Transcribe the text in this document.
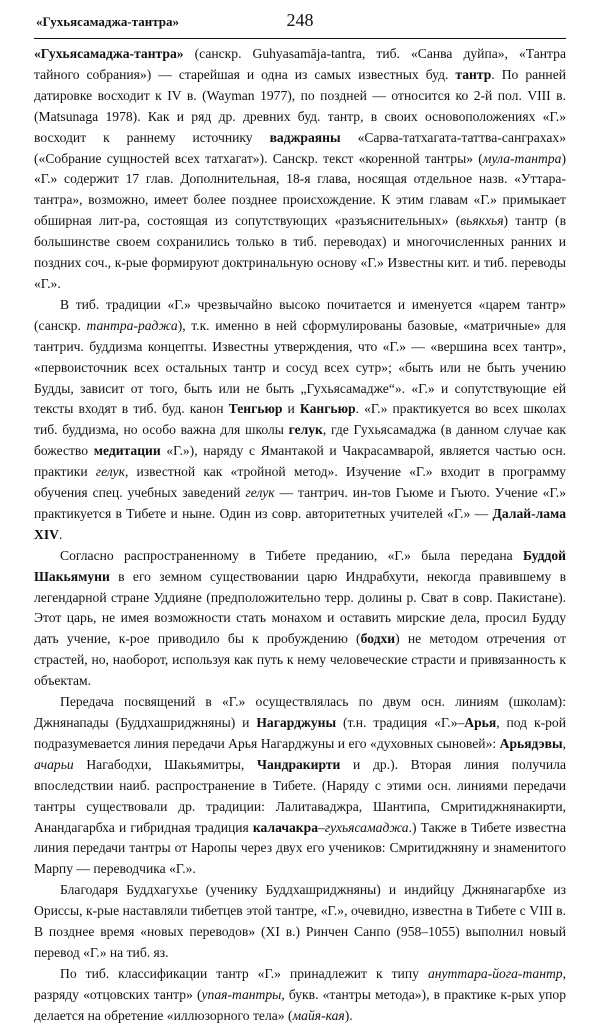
«Гухьясамаджа-тантра»	248

«Гухьясамаджа-тантра» (санскр. Guhyasamāja-tantra, тиб. «Санва дуйпа», «Тантра тайного собрания») — старейшая и одна из самых известных буд. тантр. По ранней датировке восходит к IV в. (Wayman 1977), по поздней — относится ко 2-й пол. VIII в. (Matsunaga 1978). Как и ряд др. древних буд. тантр, в своих основоположениях «Г.» восходит к раннему источнику ваджраяны «Сарва-татхагата-таттва-санграхах» («Собрание сущностей всех татхагат»). Санскр. текст «коренной тантры» (мула-тантра) «Г.» содержит 17 глав. Дополнительная, 18-я глава, носящая отдельное назв. «Уттара-тантра», возможно, имеет более позднее происхождение. К этим главам «Г.» примыкает обширная лит-ра, состоящая из сопутствующих «разъяснительных» (вьякхья) тантр (в большинстве своем сохранились только в тиб. переводах) и многочисленных ранних и поздних соч., к-рые формируют доктринальную основу «Г.» Известны кит. и тиб. переводы «Г.».

В тиб. традиции «Г.» чрезвычайно высоко почитается и именуется «царем тантр» (санскр. тантра-раджа), т.к. именно в ней сформулированы базовые, «матричные» для тантрич. буддизма концепты. Известны утверждения, что «Г.» — «вершина всех тантр», «первоисточник всех остальных тантр и сосуд всех сутр»; «быть или не быть учению Будды, зависит от того, быть или не быть „Гухьясамадже“». «Г.» и сопутствующие ей тексты входят в тиб. буд. канон Тенгьюр и Кангьюр. «Г.» практикуется во всех школах тиб. буддизма, но особо важна для школы гелук, где Гухьясамаджа (в данном случае как божество медитации «Г.»), наряду с Ямантакой и Чакрасамварой, является частью осн. практики гелук, известной как «тройной метод». Изучение «Г.» входит в программу обучения спец. учебных заведений гелук — тантрич. ин-тов Гьюме и Гьюто. Учение «Г.» практикуется в Тибете и ныне. Один из совр. авторитетных учителей «Г.» — Далай-лама XIV.

Согласно распространенному в Тибете преданию, «Г.» была передана Буддой Шакьямуни в его земном существовании царю Индрабхути, некогда правившему в легендарной стране Уддияне (предположительно терр. долины р. Сват в совр. Пакистане). Этот царь, не имея возможности стать монахом и оставить мирские дела, просил Будду дать учение, к-рое приводило бы к пробуждению (бодхи) не методом отречения от страстей, но, наоборот, используя как путь к нему человеческие страсти и привязанность к объектам.

Передача посвящений в «Г.» осуществлялась по двум осн. линиям (школам): Джнянапады (Буддхашриджняны) и Нагарджуны (т.н. традиция «Г.»–Арья, под к-рой подразумевается линия передачи Арья Нагарджуны и его «духовных сыновей»: Арьядэвы, ачарьи Нагабодхи, Шакьямитры, Чандракирти и др.). Вторая линия получила впоследствии наиб. распространение в Тибете. (Наряду с этими осн. линиями передачи тантры существовали др. традиции: Лалитаваджра, Шантипа, Смритиджнянакирти, Анандагарбха и гибридная традиция калачакра–гухьясамаджа.) Также в Тибете известна линия передачи тантры от Наропы через двух его учеников: Смритиджняну и знаменитого Марпу — переводчика «Г.».

Благодаря Буддхагухье (ученику Буддхашриджняны) и индийцу Джнянагарбхе из Ориссы, к-рые наставляли тибетцев этой тантре, «Г.», очевидно, известна в Тибете с VIII в. В позднее время «новых переводов» (XI в.) Ринчен Санпо (958–1055) выполнил новый перевод «Г.» на тиб. яз.

По тиб. классификации тантр «Г.» принадлежит к типу ануттара-йога-тантр, разряду «отцовских тантр» (упая-тантры, букв. «тантры метода»), в практике к-рых упор делается на обретение «иллюзорного тела» (майя-кая).
